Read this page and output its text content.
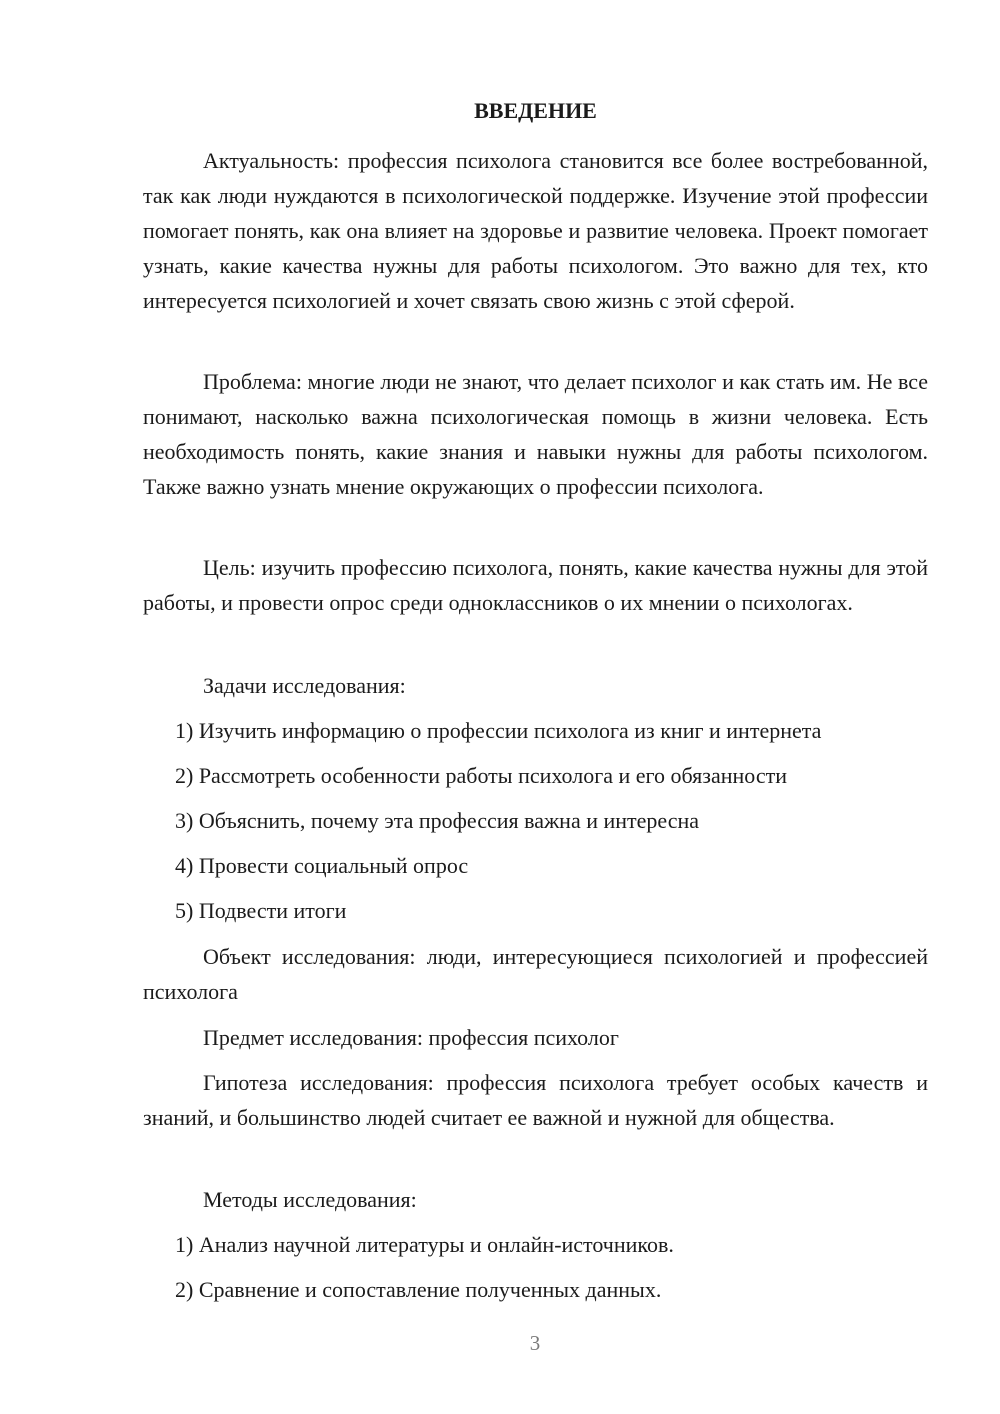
ВВЕДЕНИЕ

Актуальность: профессия психолога становится все более востребованной, так как люди нуждаются в психологической поддержке. Изучение этой профессии помогает понять, как она влияет на здоровье и развитие человека. Проект помогает узнать, какие качества нужны для работы психологом. Это важно для тех, кто интересуется психологией и хочет связать свою жизнь с этой сферой.

Проблема: многие люди не знают, что делает психолог и как стать им. Не все понимают, насколько важна психологическая помощь в жизни человека. Есть необходимость понять, какие знания и навыки нужны для работы психологом. Также важно узнать мнение окружающих о профессии психолога.

Цель: изучить профессию психолога, понять, какие качества нужны для этой работы, и провести опрос среди одноклассников о их мнении о психологах.

Задачи исследования:

1) Изучить информацию о профессии психолога из книг и интернета

2) Рассмотреть особенности работы психолога и его обязанности

3) Объяснить, почему эта профессия важна и интересна

4) Провести социальный опрос

5) Подвести итоги

Объект исследования: люди, интересующиеся психологией и профессией психолога

Предмет исследования: профессия психолог

Гипотеза исследования: профессия психолога требует особых качеств и знаний, и большинство людей считает ее важной и нужной для общества.

Методы исследования:

1) Анализ научной литературы и онлайн-источников.

2) Сравнение и сопоставление полученных данных.

3
